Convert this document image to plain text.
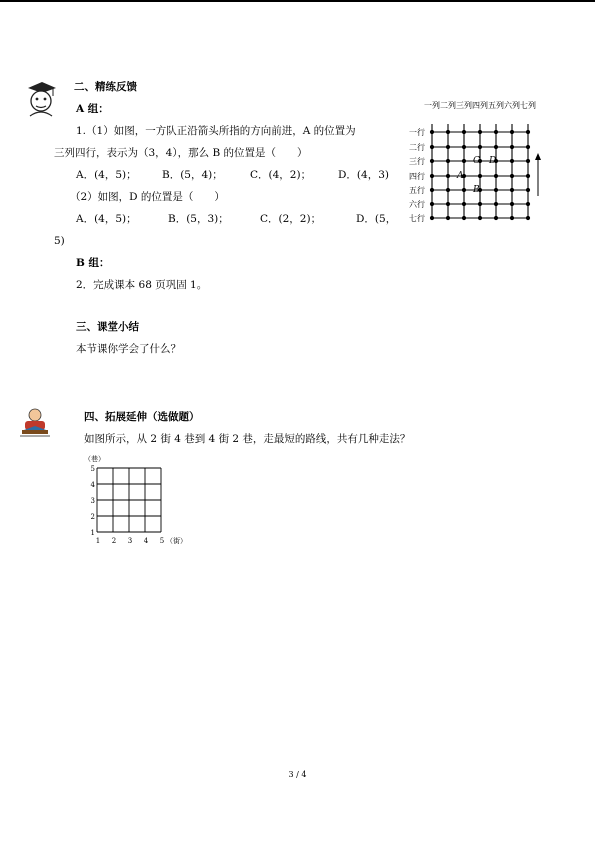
二、精练反馈
A 组：
1.（1）如图，一方队正沿箭头所指的方向前进，A 的位置为
三列四行，表示为（3，4），那么 B 的位置是（　　）
A．(4，5)； B．(5，4)；	C．(4，2)；	D．(4，3)
（2）如图，D 的位置是（　　）
A．(4，5)；	B．(5，3)；	C．(2，2)；	D．(5，
5)
B 组：
2．完成课本 68 页巩固 1。
一列 二列 三列 四列 五列 六列 七列
一行
二行
三行
四行
五行
六行
七行
A
B
C D
三、课堂小结
本节课你学会了什么？
四、拓展延伸（选做题）
如图所示，从 2 街 4 巷到 4 街 2 巷，走最短的路线，共有几种走法？
（巷）
5
4
3
2
1
1 2 3 4 5 （街）
3 / 4
